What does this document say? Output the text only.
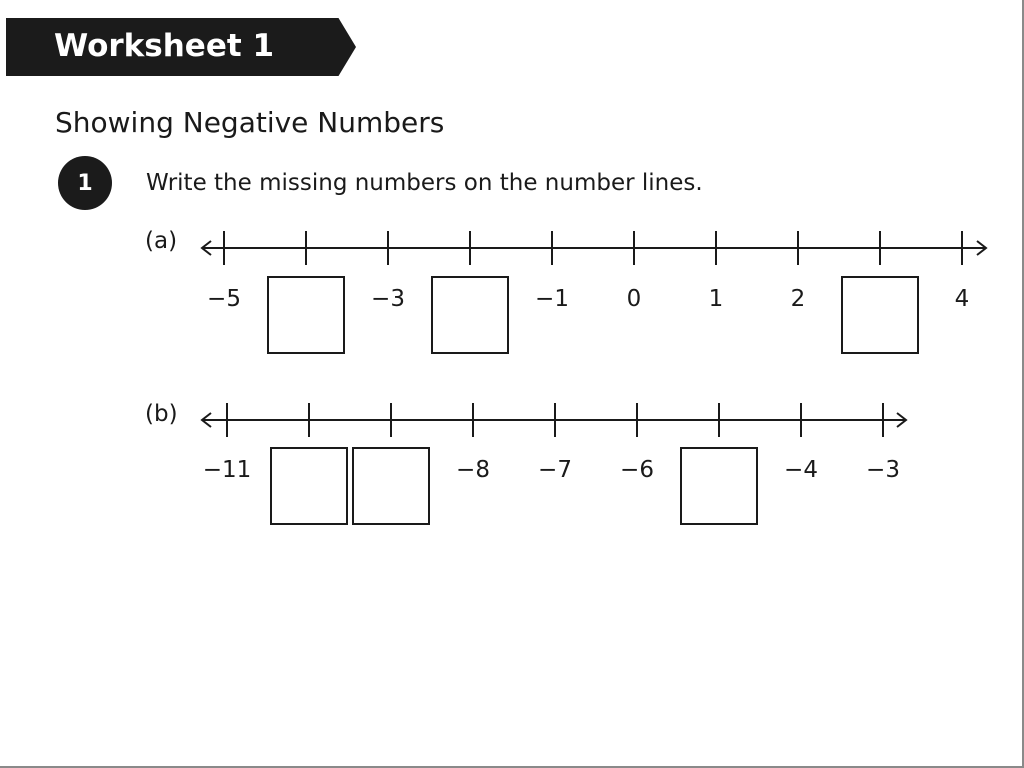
Worksheet 1
Showing Negative Numbers
1 Write the missing numbers on the number lines.
(a)
(b)
−5	−3	−1	0	1	2	4
−11	−8 −7 −6	−4 −3
